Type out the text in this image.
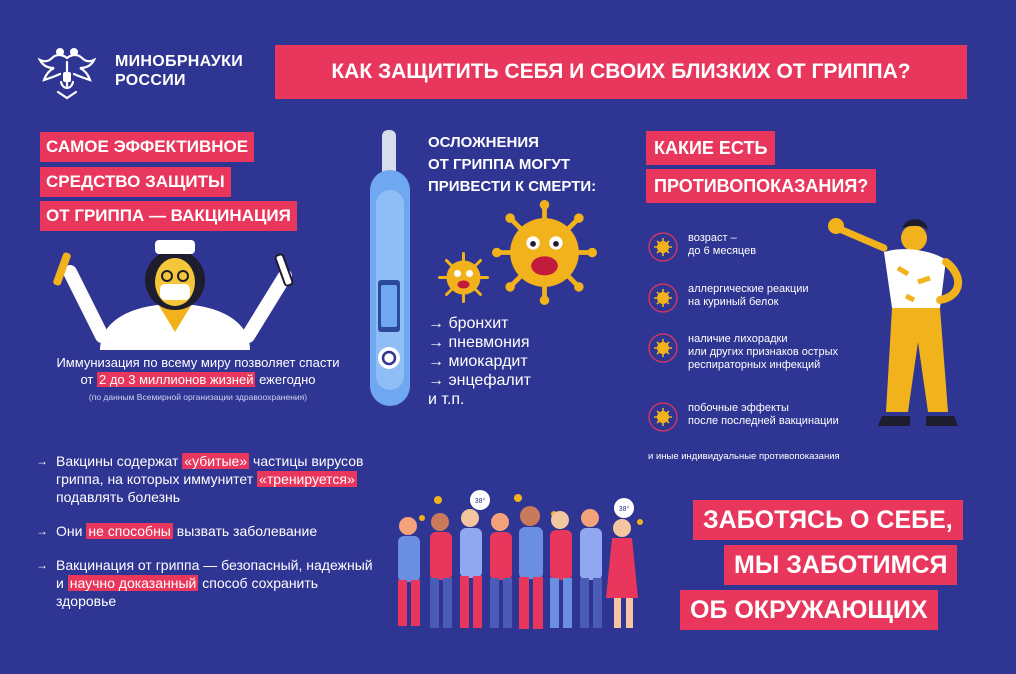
МИНОБРНАУКИ
РОССИИ	КАК ЗАЩИТИТЬ СЕБЯ И СВОИХ БЛИЗКИХ ОТ ГРИППА?
САМОЕ ЭФФЕКТИВНОЕ
СРЕДСТВО ЗАЩИТЫ
ОТ ГРИППА — ВАКЦИНАЦИЯ
Иммунизация по всему миру позволяет спасти
от 2 до 3 миллионов жизней ежегодно
(по данным Всемирной организации здравоохранения)
→ Вакцины содержат «убитые» частицы вирусов гриппа, на которых иммунитет «тренируется» подавлять болезнь
→ Они не способны вызвать заболевание
→ Вакцинация от гриппа — безопасный, надежный и научно доказанный способ сохранить здоровье
ОСЛОЖНЕНИЯ
ОТ ГРИППА МОГУТ
ПРИВЕСТИ К СМЕРТИ:
→ бронхит
→ пневмония
→ миокардит
→ энцефалит
и т.п.
КАКИЕ ЕСТЬ
ПРОТИВОПОКАЗАНИЯ?
возраст –
до 6 месяцев
аллергические реакции
на куриный белок
наличие лихорадки
или других признаков острых
респираторных инфекций
побочные эффекты
после последней вакцинации
и иные индивидуальные противопоказания
38°
38°	ЗАБОТЯСЬ О СЕБЕ,
МЫ ЗАБОТИМСЯ
ОБ ОКРУЖАЮЩИХ
